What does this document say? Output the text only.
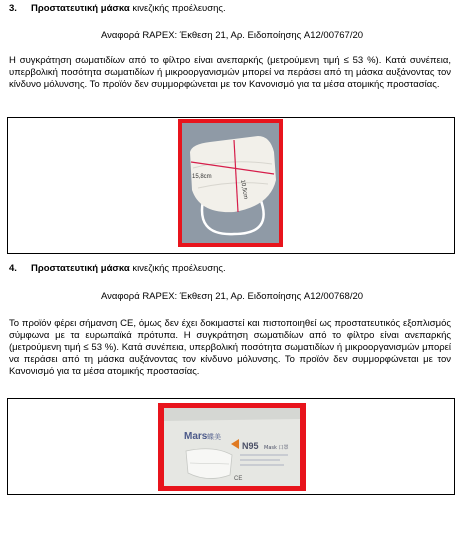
3. Προστατευτική μάσκα κινεζικής προέλευσης.
Αναφορά RAPEX: Έκθεση 21, Αρ. Ειδοποίησης A12/00767/20
Η συγκράτηση σωματιδίων από το φίλτρο είναι ανεπαρκής (μετρούμενη τιμή ≤ 53 %). Κατά συνέπεια, υπερβολική ποσότητα σωματιδίων ή μικροοργανισμών μπορεί να περάσει από τη μάσκα αυξάνοντας τον κίνδυνο μόλυνσης. Το προϊόν δεν συμμορφώνεται με τον Κανονισμό για τα μέσα ατομικής προστασίας.
15,8cm
10,5cm
4. Προστατευτική μάσκα κινεζικής προέλευσης.
Αναφορά RAPEX: Έκθεση 21, Αρ. Ειδοποίησης A12/00768/20
Το προϊόν φέρει σήμανση CE, όμως δεν έχει δοκιμαστεί και πιστοποιηθεί ως προστατευτικός εξοπλισμός σύμφωνα με τα ευρωπαϊκά πρότυπα. Η συγκράτηση σωματιδίων από το φίλτρο είναι ανεπαρκής (μετρούμενη τιμή ≤ 53 %). Κατά συνέπεια, υπερβολική ποσότητα σωματιδίων ή μικροοργανισμών μπορεί να περάσει από τη μάσκα αυξάνοντας τον κίνδυνο μόλυνσης. Το προϊόν δεν συμμορφώνεται με τον Κανονισμό για τα μέσα ατομικής προστασίας.
Mars 蝶美
N95 Mask 口罩
CE
